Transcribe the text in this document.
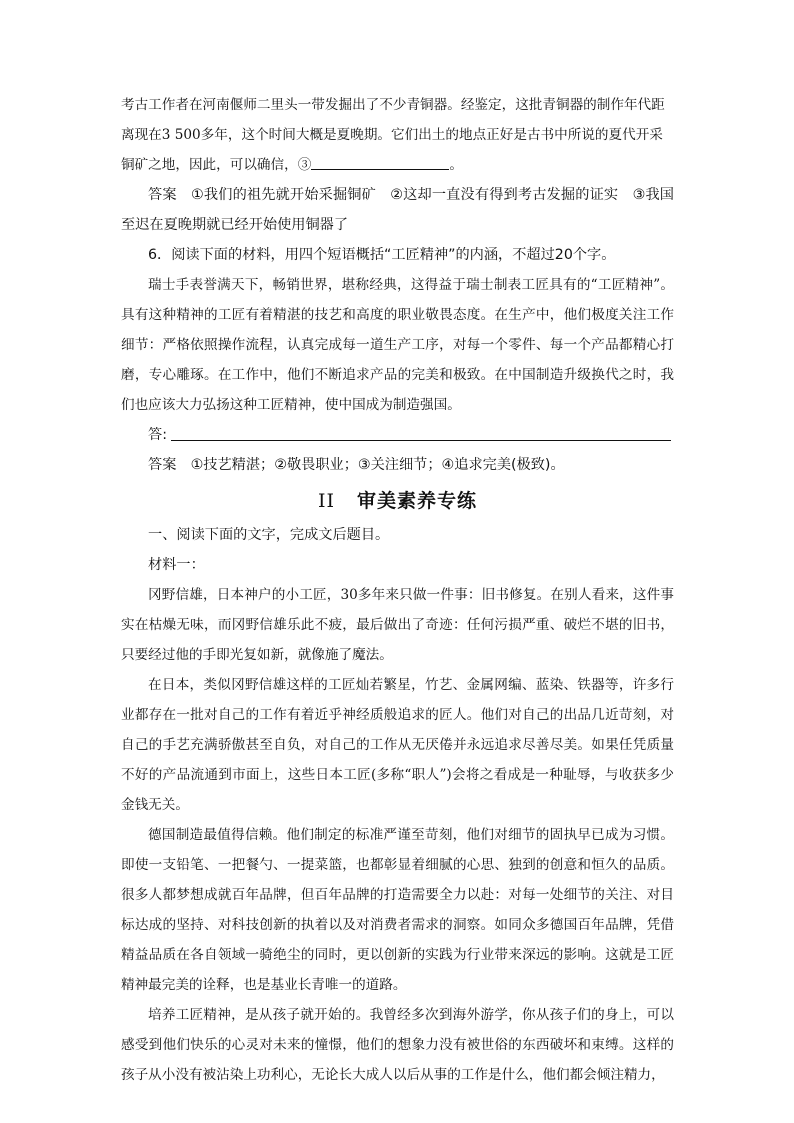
考古工作者在河南偃师二里头一带发掘出了不少青铜器。经鉴定，这批青铜器的制作年代距

离现在3 500多年，这个时间大概是夏晚期。它们出土的地点正好是古书中所说的夏代开采

铜矿之地，因此，可以确信，③	。

答案  ①我们的祖先就开始采掘铜矿　②这却一直没有得到考古发掘的证实　③我国至迟在夏晚期就已经开始使用铜器了

6．阅读下面的材料，用四个短语概括“工匠精神”的内涵，不超过20个字。

瑞士手表誉满天下，畅销世界，堪称经典，这得益于瑞士制表工匠具有的“工匠精神”。具有这种精神的工匠有着精湛的技艺和高度的职业敬畏态度。在生产中，他们极度关注工作细节：严格依照操作流程，认真完成每一道生产工序，对每一个零件、每一个产品都精心打磨，专心雕琢。在工作中，他们不断追求产品的完美和极致。在中国制造升级换代之时，我们也应该大力弘扬这种工匠精神，使中国成为制造强国。

答:

答案  ①技艺精湛；②敬畏职业；③关注细节；④追求完美(极致)。

II 审美素养专练

一、阅读下面的文字，完成文后题目。

材料一：

冈野信雄，日本神户的小工匠，30多年来只做一件事：旧书修复。在别人看来，这件事实在枯燥无味，而冈野信雄乐此不疲，最后做出了奇迹：任何污损严重、破烂不堪的旧书，只要经过他的手即光复如新，就像施了魔法。

在日本，类似冈野信雄这样的工匠灿若繁星，竹艺、金属网编、蓝染、铁器等，许多行业都存在一批对自己的工作有着近乎神经质般追求的匠人。他们对自己的出品几近苛刻，对自己的手艺充满骄傲甚至自负，对自己的工作从无厌倦并永远追求尽善尽美。如果任凭质量不好的产品流通到市面上，这些日本工匠(多称“职人”)会将之看成是一种耻辱，与收获多少金钱无关。

德国制造最值得信赖。他们制定的标准严谨至苛刻，他们对细节的固执早已成为习惯。即使一支铅笔、一把餐勺、一提菜篮，也都彰显着细腻的心思、独到的创意和恒久的品质。很多人都梦想成就百年品牌，但百年品牌的打造需要全力以赴：对每一处细节的关注、对目标达成的坚持、对科技创新的执着以及对消费者需求的洞察。如同众多德国百年品牌，凭借精益品质在各自领域一骑绝尘的同时，更以创新的实践为行业带来深远的影响。这就是工匠精神最完美的诠释，也是基业长青唯一的道路。

培养工匠精神，是从孩子就开始的。我曾经多次到海外游学，你从孩子们的身上，可以感受到他们快乐的心灵对未来的憧憬，他们的想象力没有被世俗的东西破坏和束缚。这样的孩子从小没有被沾染上功利心，无论长大成人以后从事的工作是什么，他们都会倾注精力，
